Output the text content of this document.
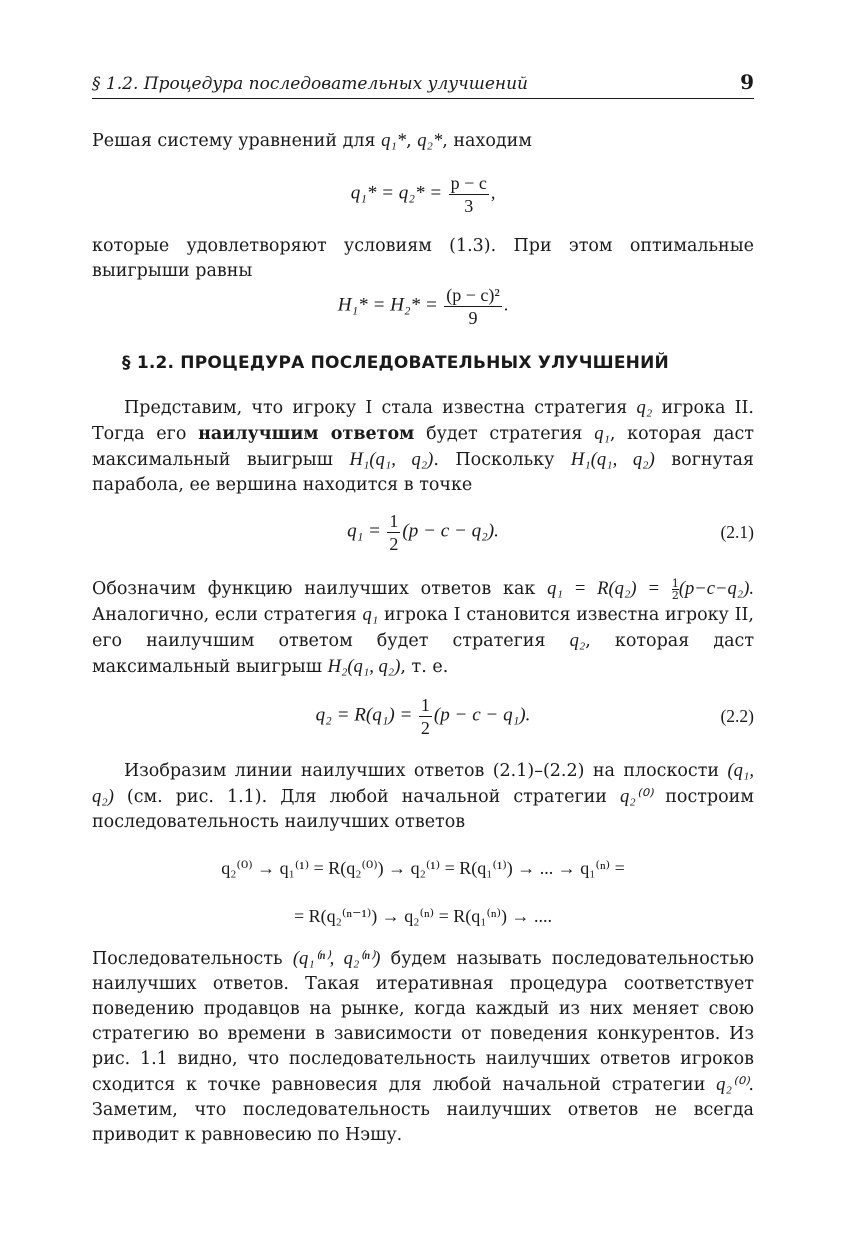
§ 1.2. Процедура последовательных улучшений	9

Решая систему уравнений для q₁*, q₂*, находим

$q_1* = q_2* = \frac{p - c}{3}$ ,

которые удовлетворяют условиям (1.3). При этом оптимальные выигрыши равны

$H_1* = H_2* = \frac{\text{(p − c)²}}{9}$ .
§ 1.2. ПРОЦЕДУРА ПОСЛЕДОВАТЕЛЬНЫХ УЛУЧШЕНИЙ

Представим, что игроку I стала известна стратегия q₂ игрока II. Тогда его наилучшим ответом будет стратегия q₁, которая даст максимальный выигрыш H₁(q₁, q₂). Поскольку H₁(q₁, q₂) вогнутая парабола, ее вершина находится в точке

$q_1 = \frac{1}{2} (p - c - q_2)$.	(2.1)

Обозначим функцию наилучших ответов как $q_1 = R(q_2) = \frac{1}{2}(p-c-q_2)$. Аналогично, если стратегия q₁ игрока I становится известна игроку II, его наилучшим ответом будет стратегия q₂, которая даст максимальный выигрыш H₂(q₁, q₂), т. е.

$q_2 = R(q_1) = \frac{1}{2} (p - c - q_1)$.	(2.2)

Изобразим линии наилучших ответов (2.1)–(2.2) на плоскости (q₁, q₂) (см. рис. 1.1). Для любой начальной стратегии q₂⁽⁰⁾ построим последовательность наилучших ответов

q₂⁽⁰⁾ → q₁⁽¹⁾ = R(q₂⁽⁰⁾) → q₂⁽¹⁾ = R(q₁⁽¹⁾) → ... → q₁⁽ⁿ⁾ =
= R(q₂⁽ⁿ⁻¹⁾) → q₂⁽ⁿ⁾ = R(q₁⁽ⁿ⁾) → ....

Последовательность (q₁⁽ⁿ⁾, q₂⁽ⁿ⁾) будем называть последовательностью наилучших ответов. Такая итеративная процедура соответствует поведению продавцов на рынке, когда каждый из них меняет свою стратегию во времени в зависимости от поведения конкурентов. Из рис. 1.1 видно, что последовательность наилучших ответов игроков сходится к точке равновесия для любой начальной стратегии q₂⁽⁰⁾. Заметим, что последовательность наилучших ответов не всегда приводит к равновесию по Нэшу.
